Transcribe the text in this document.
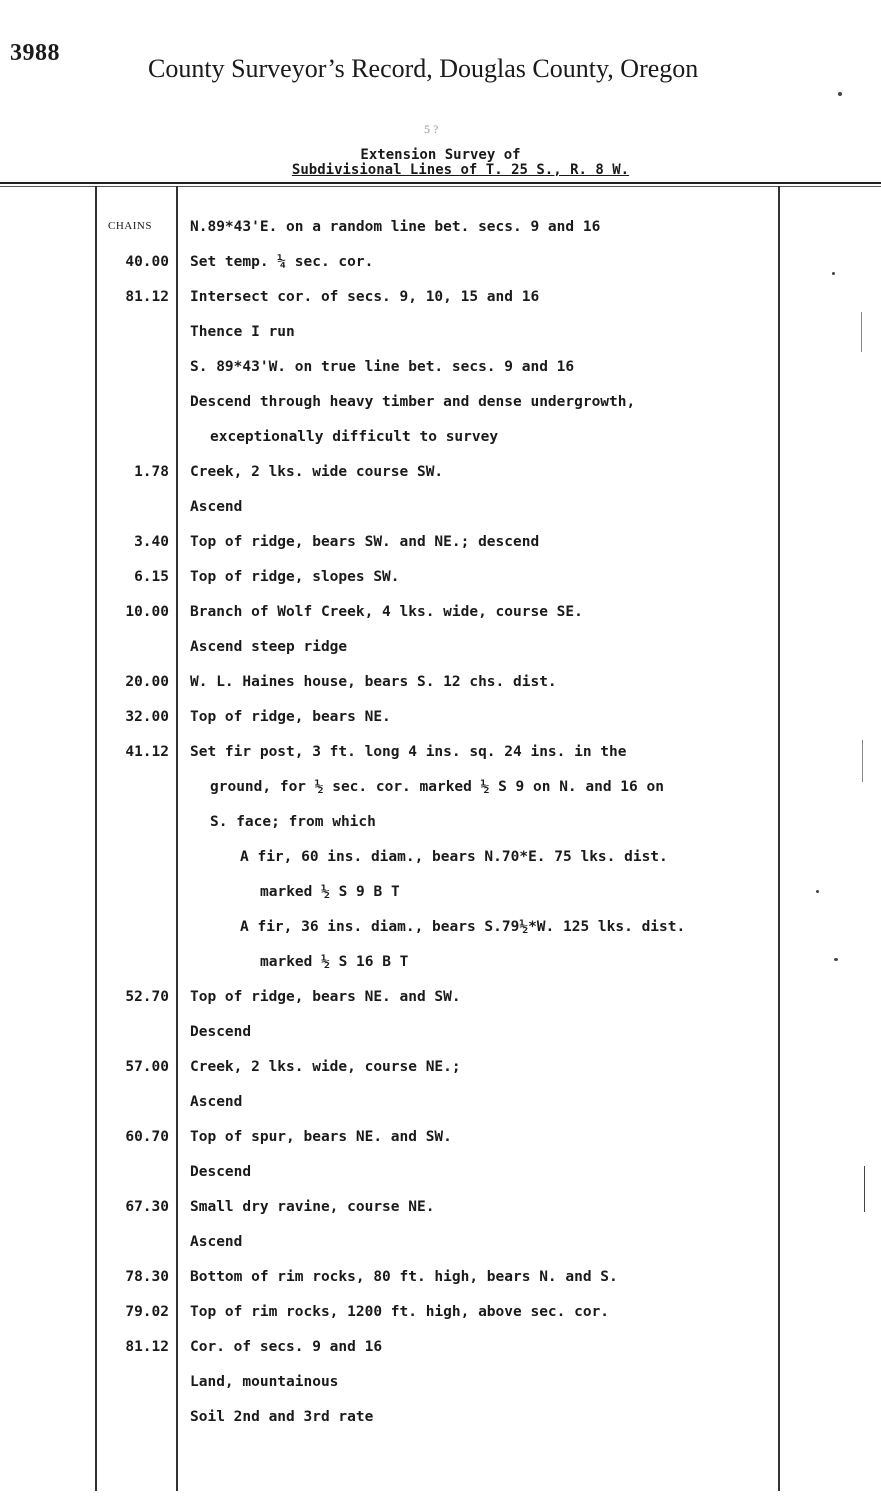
3988
County Surveyor’s Record, Douglas County, Oregon
5 ?
Extension Survey of
Subdivisional Lines of T. 25 S., R. 8 W.
CHAINS	N.89*43'E. on a random line bet. secs. 9 and 16
40.00 Set temp. ¼ sec. cor.
81.12 Intersect cor. of secs. 9, 10, 15 and 16
Thence I run
S. 89*43'W. on true line bet. secs. 9 and 16
Descend through heavy timber and dense undergrowth,
exceptionally difficult to survey
1.78 Creek, 2 lks. wide course SW.
Ascend
3.40 Top of ridge, bears SW. and NE.; descend
6.15 Top of ridge, slopes SW.
10.00 Branch of Wolf Creek, 4 lks. wide, course SE.
Ascend steep ridge
20.00 W. L. Haines house, bears S. 12 chs. dist.
32.00 Top of ridge, bears NE.
41.12 Set fir post, 3 ft. long 4 ins. sq. 24 ins. in the
ground, for ½ sec. cor. marked ½ S 9 on N. and 16 on
S. face; from which
A fir, 60 ins. diam., bears N.70*E. 75 lks. dist.
marked ½ S 9 B T
A fir, 36 ins. diam., bears S.79½*W. 125 lks. dist.
marked ½ S 16 B T
52.70 Top of ridge, bears NE. and SW.
Descend
57.00 Creek, 2 lks. wide, course NE.;
Ascend
60.70 Top of spur, bears NE. and SW.
Descend
67.30 Small dry ravine, course NE.
Ascend
78.30 Bottom of rim rocks, 80 ft. high, bears N. and S.
79.02 Top of rim rocks, 1200 ft. high, above sec. cor.
81.12 Cor. of secs. 9 and 16
Land, mountainous
Soil 2nd and 3rd rate
